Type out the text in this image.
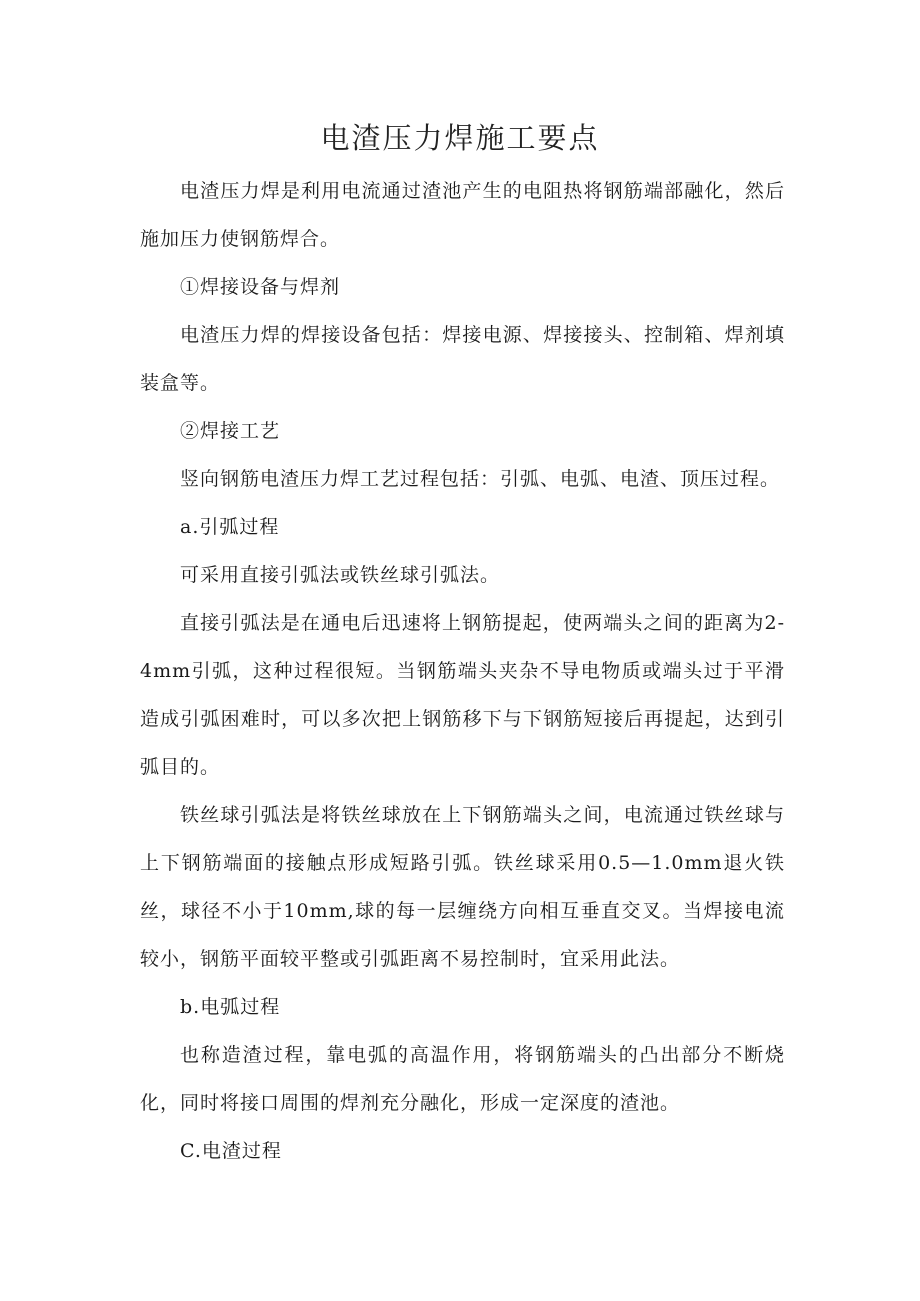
电渣压力焊施工要点

电渣压力焊是利用电流通过渣池产生的电阻热将钢筋端部融化，然后施加压力使钢筋焊合。

①焊接设备与焊剂

电渣压力焊的焊接设备包括：焊接电源、焊接接头、控制箱、焊剂填装盒等。

②焊接工艺

竖向钢筋电渣压力焊工艺过程包括：引弧、电弧、电渣、顶压过程。

a.引弧过程

可采用直接引弧法或铁丝球引弧法。

直接引弧法是在通电后迅速将上钢筋提起，使两端头之间的距离为2-4mm引弧，这种过程很短。当钢筋端头夹杂不导电物质或端头过于平滑造成引弧困难时，可以多次把上钢筋移下与下钢筋短接后再提起，达到引弧目的。

铁丝球引弧法是将铁丝球放在上下钢筋端头之间，电流通过铁丝球与上下钢筋端面的接触点形成短路引弧。铁丝球采用0.5—1.0mm退火铁丝，球径不小于10mm,球的每一层缠绕方向相互垂直交叉。当焊接电流较小，钢筋平面较平整或引弧距离不易控制时，宜采用此法。

b.电弧过程

也称造渣过程，靠电弧的高温作用，将钢筋端头的凸出部分不断烧化，同时将接口周围的焊剂充分融化，形成一定深度的渣池。

C.电渣过程
